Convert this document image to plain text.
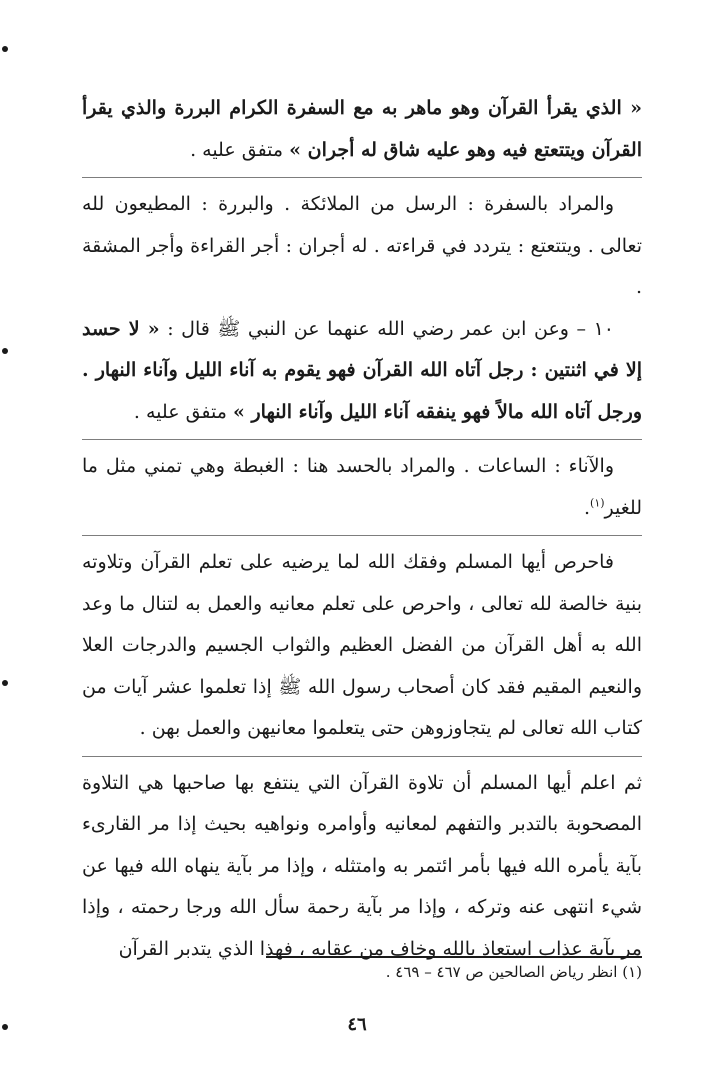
« الذي يقرأ القرآن وهو ماهر به مع السفرة الكرام البررة والذي يقرأ القرآن ويتتعتع فيه وهو عليه شاق له أجران » متفق عليه .

والمراد بالسفرة : الرسل من الملائكة . والبررة : المطيعون لله تعالى . ويتتعتع : يتردد في قراءته . له أجران : أجر القراءة وأجر المشقة .

١٠ – وعن ابن عمر رضي الله عنهما عن النبي ﷺ قال : « لا حسد إلا في اثنتين : رجل آتاه الله القرآن فهو يقوم به آناء الليل وآناء النهار . ورجل آتاه الله مالاً فهو ينفقه آناء الليل وآناء النهار » متفق عليه .

والآناء : الساعات . والمراد بالحسد هنا : الغبطة وهي تمني مثل ما للغير$^{(١)}$.

فاحرص أيها المسلم وفقك الله لما يرضيه على تعلم القرآن وتلاوته بنية خالصة لله تعالى ، واحرص على تعلم معانيه والعمل به لتنال ما وعد الله به أهل القرآن من الفضل العظيم والثواب الجسيم والدرجات العلا والنعيم المقيم فقد كان أصحاب رسول الله ﷺ إذا تعلموا عشر آيات من كتاب الله تعالى لم يتجاوزوهن حتى يتعلموا معانيهن والعمل بهن .

ثم اعلم أيها المسلم أن تلاوة القرآن التي ينتفع بها صاحبها هي التلاوة المصحوبة بالتدبر والتفهم لمعانيه وأوامره ونواهيه بحيث إذا مر القارىء بآية يأمره الله فيها بأمر ائتمر به وامتثله ، وإذا مر بآية ينهاه الله فيها عن شيء انتهى عنه وتركه ، وإذا مر بآية رحمة سأل الله ورجا رحمته ، وإذا مر بآية عذاب استعاذ بالله وخاف من عقابه ، فهذا الذي يتدبر القرآن

(١) انظر رياض الصالحين ص ٤٦٧ – ٤٦٩ .
٤٦
